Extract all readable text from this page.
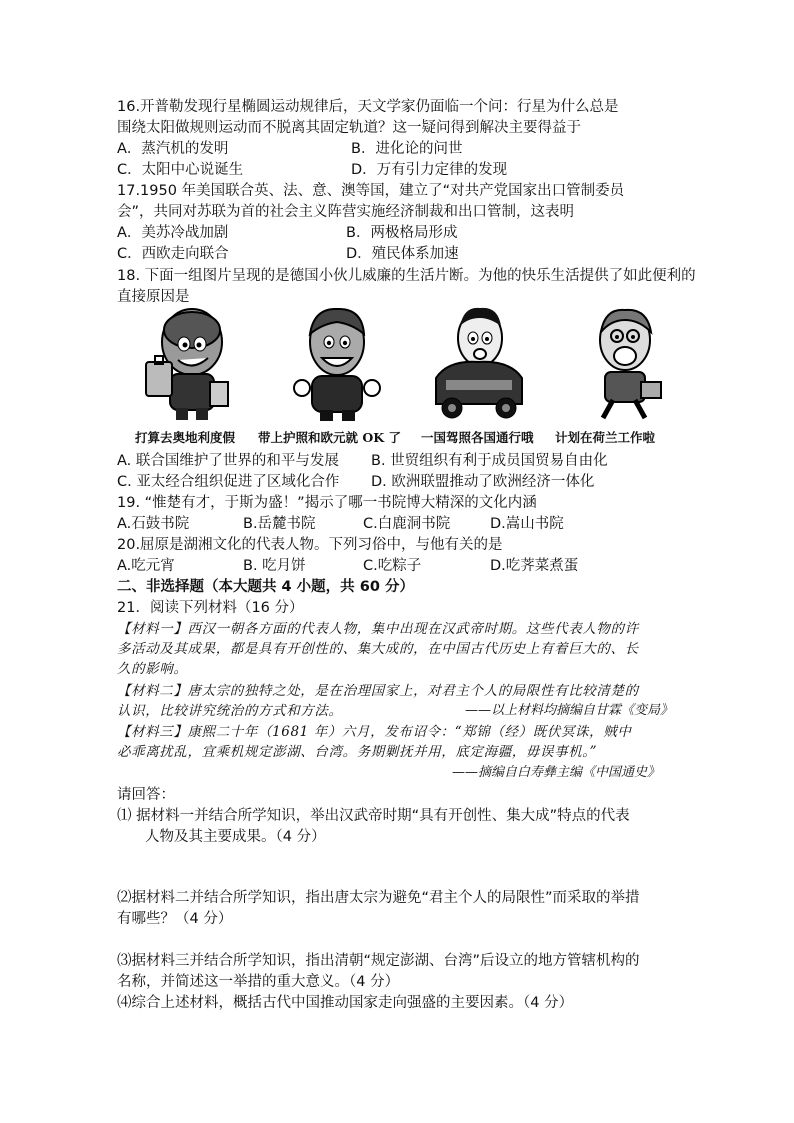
16.开普勒发现行星椭圆运动规律后，天文学家仍面临一个问：行星为什么总是
围绕太阳做规则运动而不脱离其固定轨道？这一疑问得到解决主要得益于
A．蒸汽机的发明	B．进化论的问世
C．太阳中心说诞生	D．万有引力定律的发现
17.1950 年美国联合英、法、意、澳等国，建立了“对共产党国家出口管制委员
会”，共同对苏联为首的社会主义阵营实施经济制裁和出口管制，这表明
A．美苏冷战加剧	B．两极格局形成
C．西欧走向联合	D．殖民体系加速
18. 下面一组图片呈现的是德国小伙儿威廉的生活片断。为他的快乐生活提供了如此便利的
直接原因是
打算去奥地利度假 带上护照和欧元就 OK 了 一国驾照各国通行哦 计划在荷兰工作啦
A. 联合国维护了世界的和平与发展 B. 世贸组织有利于成员国贸易自由化
C. 亚太经合组织促进了区域化合作 D. 欧洲联盟推动了欧洲经济一体化
19. “惟楚有才，于斯为盛！”揭示了哪一书院博大精深的文化内涵
A.石鼓书院	B.岳麓书院	C.白鹿洞书院	D.嵩山书院
20.屈原是湖湘文化的代表人物。下列习俗中，与他有关的是
A.吃元宵	B. 吃月饼	C.吃粽子	D.吃荠菜煮蛋
二、非选择题（本大题共 4 小题，共 60 分）
21．阅读下列材料（16 分）
【材料一】西汉一朝各方面的代表人物，集中出现在汉武帝时期。这些代表人物的许
多活动及其成果，都是具有开创性的、集大成的，在中国古代历史上有着巨大的、长
久的影响。
【材料二】唐太宗的独特之处，是在治理国家上，对君主个人的局限性有比较清楚的
认识，比较讲究统治的方式和方法。	——以上材料均摘编自甘霖《变局》
【材料三】康熙二十年（1681 年）六月，发布诏令：“郑锦（经）既伏冥诛，贼中
必乖离扰乱，宜乘机规定澎湖、台湾。务期剿抚并用，底定海疆，毋误事机。”
——摘编自白寿彝主编《中国通史》
请回答：
⑴ 据材料一并结合所学知识，举出汉武帝时期“具有开创性、集大成”特点的代表
人物及其主要成果。（4 分）
⑵据材料二并结合所学知识，指出唐太宗为避免“君主个人的局限性”而采取的举措
有哪些？（4 分）
⑶据材料三并结合所学知识，指出清朝“规定澎湖、台湾”后设立的地方管辖机构的
名称，并简述这一举措的重大意义。（4 分）
⑷综合上述材料，概括古代中国推动国家走向强盛的主要因素。（4 分）
